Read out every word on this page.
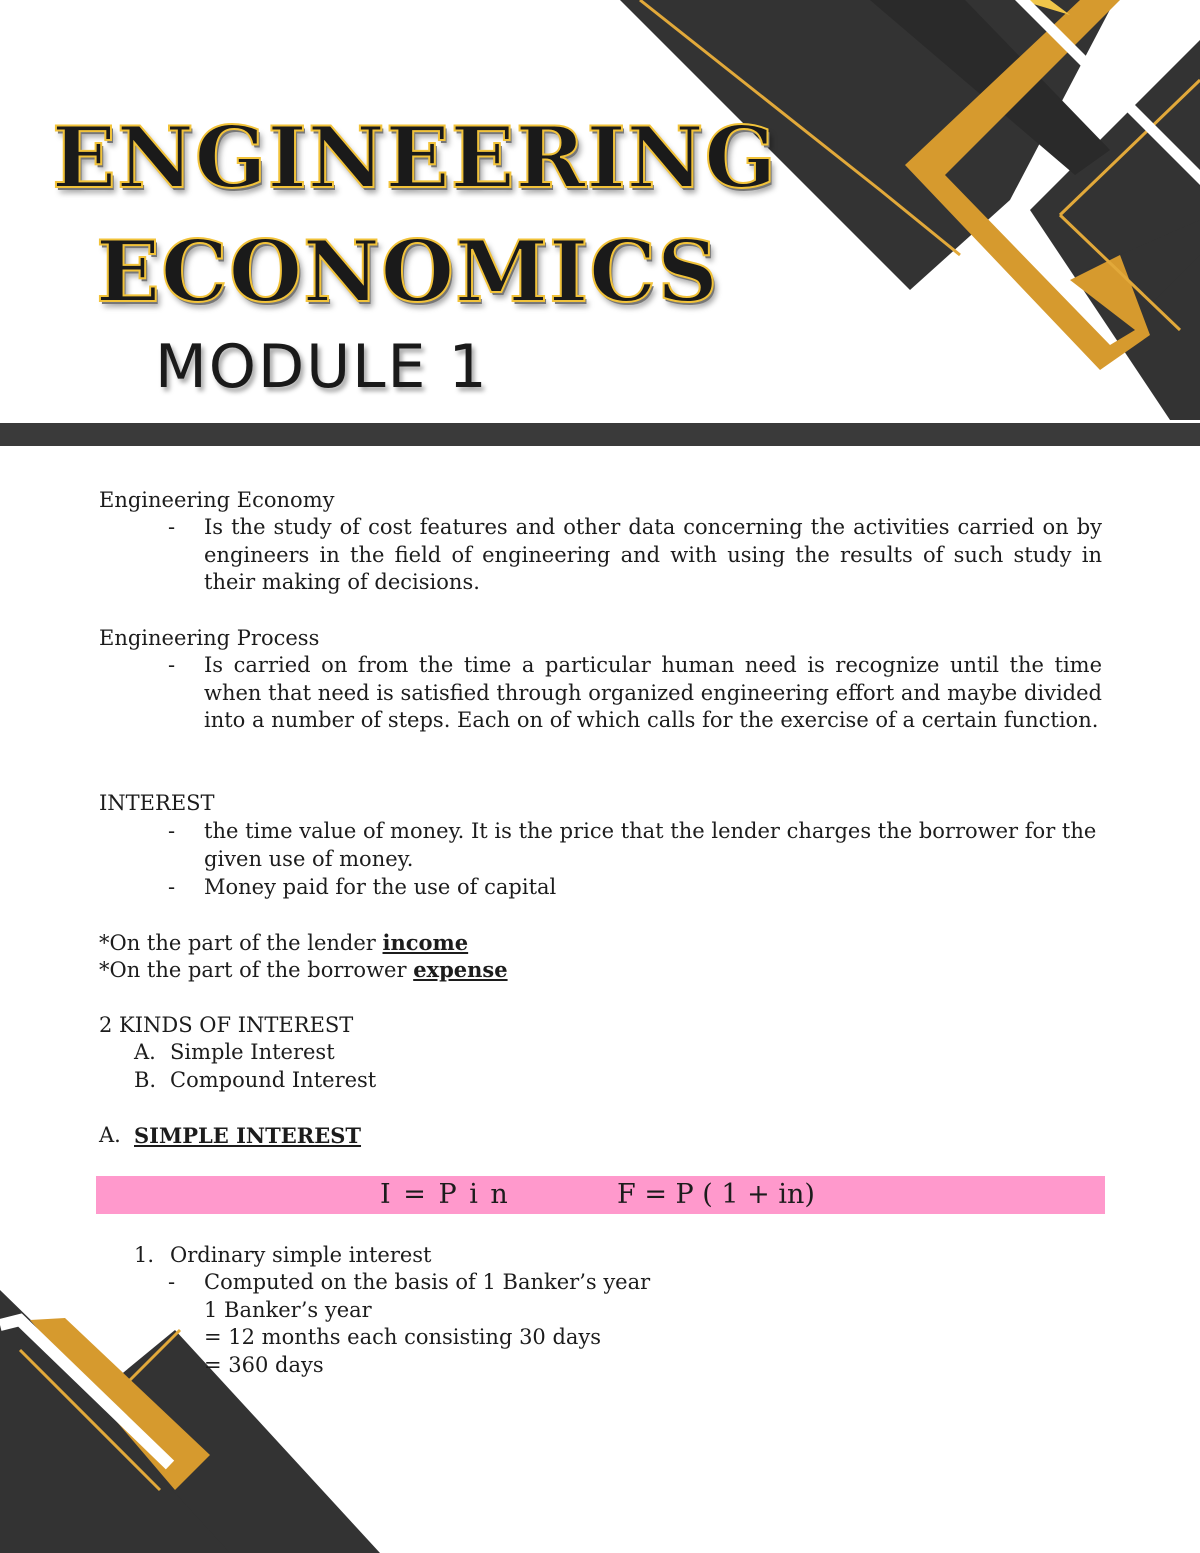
ENGINEERING
ECONOMICS
MODULE 1
Engineering Economy
- Is the study of cost features and other data concerning the activities carried on by engineers in the field of engineering and with using the results of such study in their making of decisions.
Engineering Process
- Is carried on from the time a particular human need is recognize until the time when that need is satisfied through organized engineering effort and maybe divided into a number of steps. Each on of which calls for the exercise of a certain function.
INTEREST
- the time value of money. It is the price that the lender charges the borrower for the given use of money.
- Money paid for the use of capital
*On the part of the lender income
*On the part of the borrower expense
2 KINDS OF INTEREST
A. Simple Interest
B. Compound Interest
A. SIMPLE INTEREST
I = P i n	F = P ( 1 + in)
1. Ordinary simple interest
- Computed on the basis of 1 Banker’s year
1 Banker’s year
= 12 months each consisting 30 days
= 360 days
